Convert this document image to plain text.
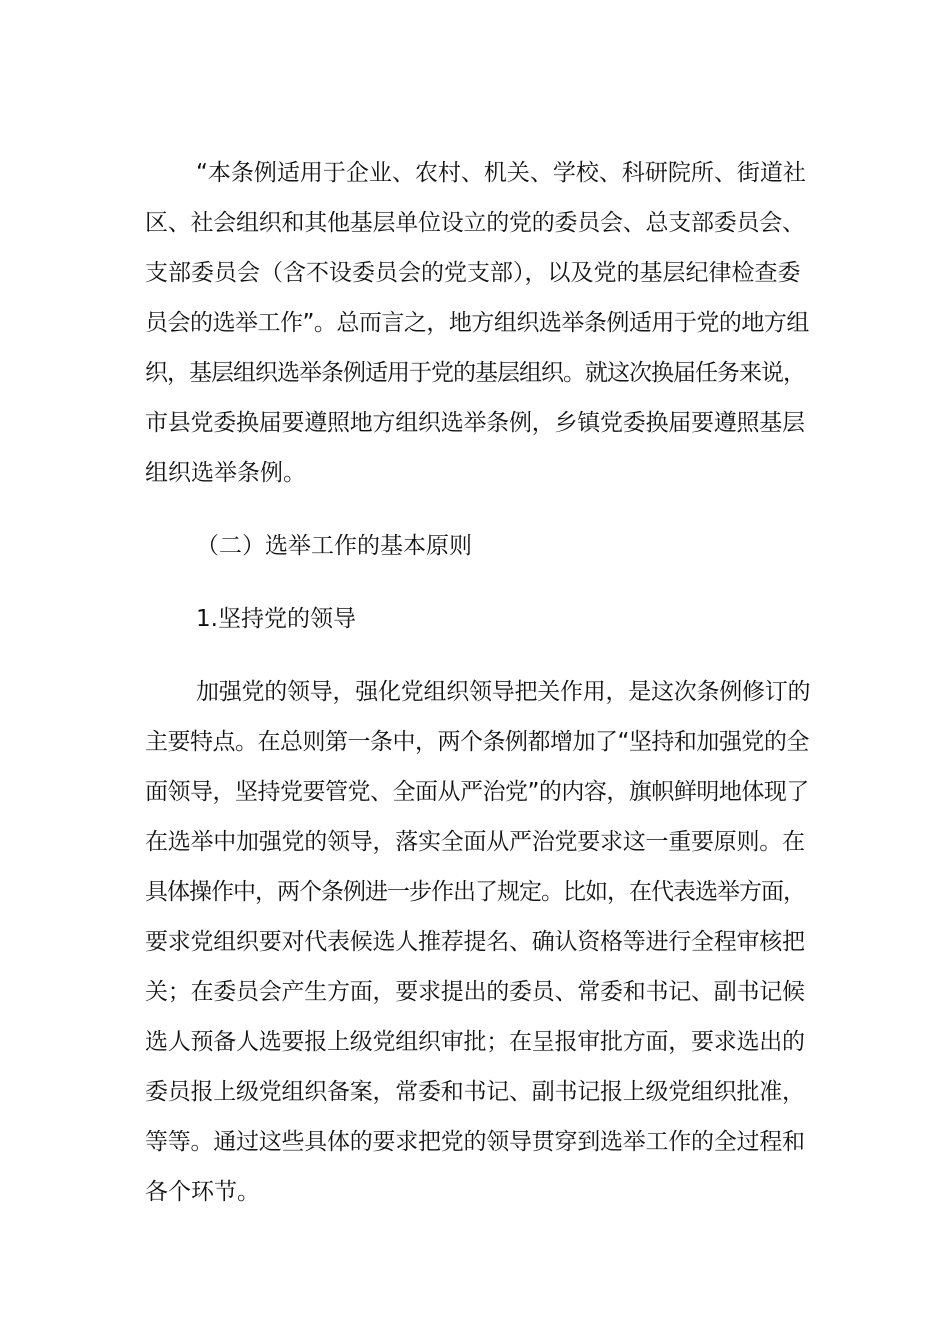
“本条例适用于企业、农村、机关、学校、科研院所、街道社
区、社会组织和其他基层单位设立的党的委员会、总支部委员会、
支部委员会（含不设委员会的党支部），以及党的基层纪律检查委
员会的选举工作”。总而言之，地方组织选举条例适用于党的地方组
织，基层组织选举条例适用于党的基层组织。就这次换届任务来说，
市县党委换届要遵照地方组织选举条例，乡镇党委换届要遵照基层
组织选举条例。
（二）选举工作的基本原则
1.坚持党的领导
加强党的领导，强化党组织领导把关作用，是这次条例修订的
主要特点。在总则第一条中，两个条例都增加了“坚持和加强党的全
面领导，坚持党要管党、全面从严治党”的内容，旗帜鲜明地体现了
在选举中加强党的领导，落实全面从严治党要求这一重要原则。在
具体操作中，两个条例进一步作出了规定。比如，在代表选举方面，
要求党组织要对代表候选人推荐提名、确认资格等进行全程审核把
关；在委员会产生方面，要求提出的委员、常委和书记、副书记候
选人预备人选要报上级党组织审批；在呈报审批方面，要求选出的
委员报上级党组织备案，常委和书记、副书记报上级党组织批准，
等等。通过这些具体的要求把党的领导贯穿到选举工作的全过程和
各个环节。
